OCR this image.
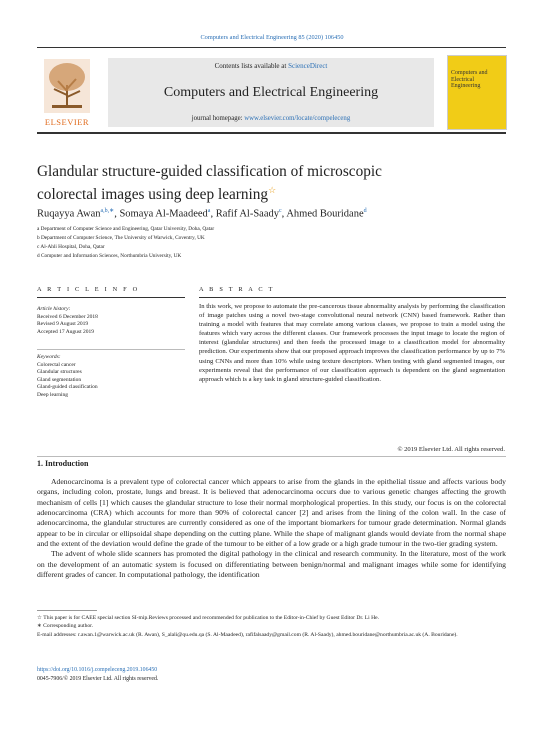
Computers and Electrical Engineering 85 (2020) 106450
ELSEVIER
Contents lists available at ScienceDirect
Computers and Electrical Engineering
journal homepage: www.elsevier.com/locate/compeleceng
Computers and Electrical Engineering
Glandular structure-guided classification of microscopic
colorectal images using deep learning☆
Ruqayya Awan$^{a,b,∗}$, Somaya Al-Maadeed$^a$, Rafif Al-Saady$^c$, Ahmed Bouridane$^d$
a Department of Computer Science and Engineering, Qatar University, Doha, Qatar
b Department of Computer Science, The University of Warwick, Coventry, UK
c Al-Ahli Hospital, Doha, Qatar
d Computer and Information Sciences, Northumbria University, UK
A R T I C L E I N F O
Article history:
Received 6 December 2018
Revised 9 August 2019
Accepted 17 August 2019
Keywords:
Colorectal cancer
Glandular structures
Gland segmentation
Gland-guided classification
Deep learning
A B S T R A C T
In this work, we propose to automate the pre-cancerous tissue abnormality analysis by performing the classification of image patches using a novel two-stage convolutional neural network (CNN) based framework. Rather than training a model with features that may correlate among various classes, we propose to train a model using the features which vary across the different classes. Our framework processes the input image to locate the region of interest (glandular structures) and then feeds the processed image to a classification model for abnormality prediction. Our experiments show that our proposed approach improves the classification performance by up to 7% using CNNs and more than 10% while using texture descriptors. When testing with gland segmented images, our experiments reveal that the performance of our classification approach is dependent on the gland segmentation approach which is a key task in gland structure-guided classification.
© 2019 Elsevier Ltd. All rights reserved.
1. Introduction

Adenocarcinoma is a prevalent type of colorectal cancer which appears to arise from the glands in the epithelial tissue and affects various body organs, including colon, prostate, lungs and breast. It is believed that adenocarcinoma occurs due to various genetic changes affecting the growth mechanism of cells [1] which causes the glandular structure to lose their normal morphological properties. In this study, our focus is on the colorectal adenocarcinoma (CRA) which accounts for more than 90% of colorectal cancer [2] and arises from the lining of the colon wall. In the case of adenocarcinoma, the glandular structures are currently considered as one of the important biomarkers for tumour grade determination. Normal glands appear to be in circular or ellipsoidal shape depending on the cutting plane. While the shape of malignant glands would deviate from the normal shape and the extent of the deviation would define the grade of the tumour to be either of a low grade or a high grade tumour in the two-tier grading system.

The advent of whole slide scanners has promoted the digital pathology in the clinical and research community. In the literature, most of the work on the development of an automatic system is focused on differentiating between benign/normal and malignant images while some for identifying different grades of cancer. In computational pathology, the identification

☆ This paper is for CAEE special section SI-mip.Reviews processed and recommended for publication to the Editor-in-Chief by Guest Editor Dr. Li He.
∗ Corresponding author.
E-mail addresses: r.awan.1@warwick.ac.uk (R. Awan), S_alali@qu.edu.qa (S. Al-Maadeed), rafifalsaady@gmail.com (R. Al-Saady), ahmed.bouridane@northumbria.ac.uk (A. Bouridane).
https://doi.org/10.1016/j.compeleceng.2019.106450
0045-7906/© 2019 Elsevier Ltd. All rights reserved.
